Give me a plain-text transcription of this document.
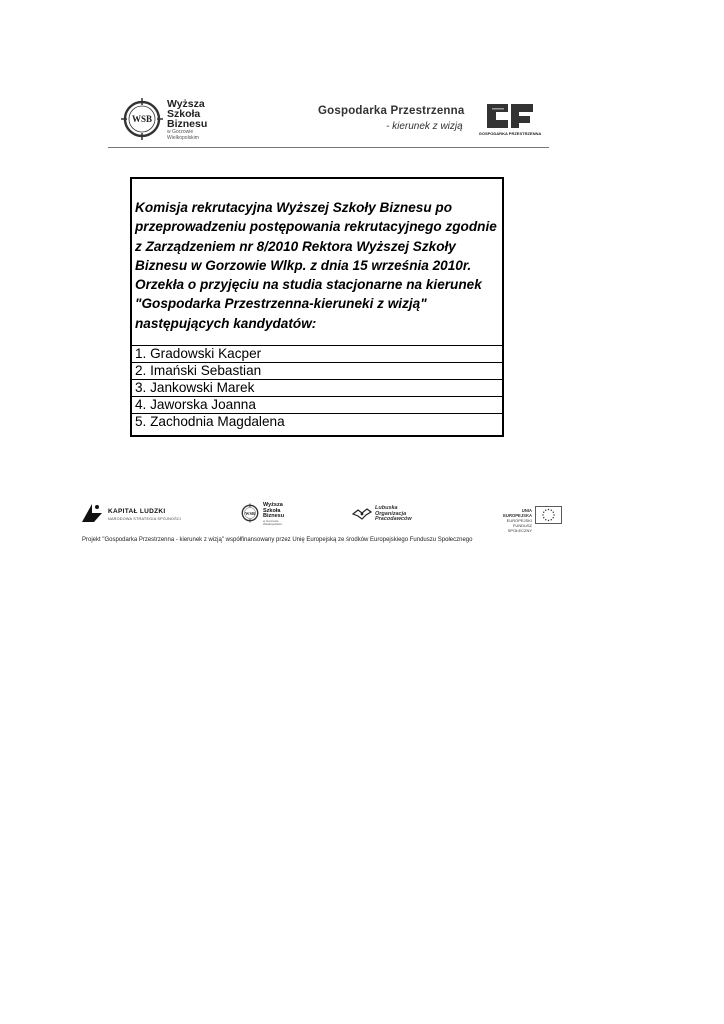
WSB
Wyższa
Szkoła
Biznesu
w Gorzowie
Wielkopolskim
Gospodarka Przestrzenna
- kierunek z wizją
GOSPODARKA PRZESTRZENNA
Komisja rekrutacyjna Wyższej Szkoły Biznesu po przeprowadzeniu postępowania rekrutacyjnego zgodnie z Zarządzeniem nr 8/2010 Rektora Wyższej Szkoły Biznesu w Gorzowie Wlkp. z dnia 15 września 2010r. Orzekła o przyjęciu na studia stacjonarne na kierunek "Gospodarka Przestrzenna-kieruneki z wizją" następujących kandydatów:
1. Gradowski Kacper
2. Imański Sebastian
3. Jankowski Marek
4. Jaworska Joanna
5. Zachodnia Magdalena
KAPITAŁ LUDZKI
NARODOWA STRATEGIA SPÓJNOŚCI
WSB
Wyższa
Szkoła
Biznesu
w Gorzowie
Wielkopolskim
Lubuska
Organizacja
Pracodawców
UNIA EUROPEJSKA
EUROPEJSKI
FUNDUSZ SPOŁECZNY
Projekt "Gospodarka Przestrzenna - kierunek z wizją" współfinansowany przez Unię Europejską ze środków Europejskiego Funduszu Społecznego
